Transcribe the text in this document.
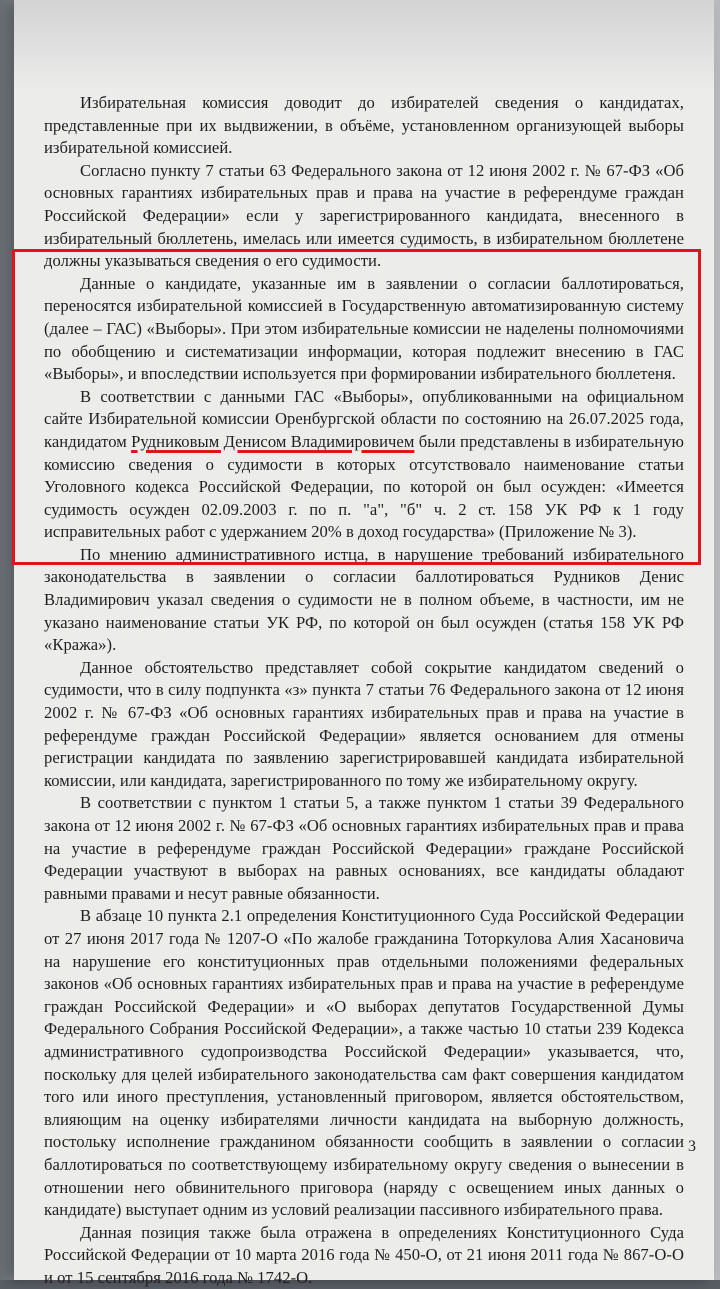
Избирательная комиссия доводит до избирателей сведения о кандидатах, представленные при их выдвижении, в объёме, установленном организующей выборы избирательной комиссией.

Согласно пункту 7 статьи 63 Федерального закона от 12 июня 2002 г. № 67-ФЗ «Об основных гарантиях избирательных прав и права на участие в референдуме граждан Российской Федерации» если у зарегистрированного кандидата, внесенного в избирательный бюллетень, имелась или имеется судимость, в избирательном бюллетене должны указываться сведения о его судимости.

Данные о кандидате, указанные им в заявлении о согласии баллотироваться, переносятся избирательной комиссией в Государственную автоматизированную систему (далее – ГАС) «Выборы». При этом избирательные комиссии не наделены полномочиями по обобщению и систематизации информации, которая подлежит внесению в ГАС «Выборы», и впоследствии используется при формировании избирательного бюллетеня.

В соответствии с данными ГАС «Выборы», опубликованными на официальном сайте Избирательной комиссии Оренбургской области по состоянию на 26.07.2025 года, кандидатом Рудниковым Денисом Владимировичем были представлены в избирательную комиссию сведения о судимости в которых отсутствовало наименование статьи Уголовного кодекса Российской Федерации, по которой он был осужден: «Имеется судимость осужден 02.09.2003 г. по п. "а", "б" ч. 2 ст. 158 УК РФ к 1 году исправительных работ с удержанием 20% в доход государства» (Приложение № 3).

По мнению административного истца, в нарушение требований избирательного законодательства в заявлении о согласии баллотироваться Рудников Денис Владимирович указал сведения о судимости не в полном объеме, в частности, им не указано наименование статьи УК РФ, по которой он был осужден (статья 158 УК РФ «Кража»).

Данное обстоятельство представляет собой сокрытие кандидатом сведений о судимости, что в силу подпункта «з» пункта 7 статьи 76 Федерального закона от 12 июня 2002 г. № 67-ФЗ «Об основных гарантиях избирательных прав и права на участие в референдуме граждан Российской Федерации» является основанием для отмены регистрации кандидата по заявлению зарегистрировавшей кандидата избирательной комиссии, или кандидата, зарегистрированного по тому же избирательному округу.

В соответствии с пунктом 1 статьи 5, а также пунктом 1 статьи 39 Федерального закона от 12 июня 2002 г. № 67-ФЗ «Об основных гарантиях избирательных прав и права на участие в референдуме граждан Российской Федерации» граждане Российской Федерации участвуют в выборах на равных основаниях, все кандидаты обладают равными правами и несут равные обязанности.

В абзаце 10 пункта 2.1 определения Конституционного Суда Российской Федерации от 27 июня 2017 года № 1207-О «По жалобе гражданина Тоторкулова Алия Хасановича на нарушение его конституционных прав отдельными положениями федеральных законов «Об основных гарантиях избирательных прав и права на участие в референдуме граждан Российской Федерации» и «О выборах депутатов Государственной Думы Федерального Собрания Российской Федерации», а также частью 10 статьи 239 Кодекса административного судопроизводства Российской Федерации» указывается, что, поскольку для целей избирательного законодательства сам факт совершения кандидатом того или иного преступления, установленный приговором, является обстоятельством, влияющим на оценку избирателями личности кандидата на выборную должность, постольку исполнение гражданином обязанности сообщить в заявлении о согласии баллотироваться по соответствующему избирательному округу сведения о вынесении в отношении него обвинительного приговора (наряду с освещением иных данных о кандидате) выступает одним из условий реализации пассивного избирательного права.

Данная позиция также была отражена в определениях Конституционного Суда Российской Федерации от 10 марта 2016 года № 450-О, от 21 июня 2011 года № 867-О-О и от 15 сентября 2016 года № 1742-О.

3
